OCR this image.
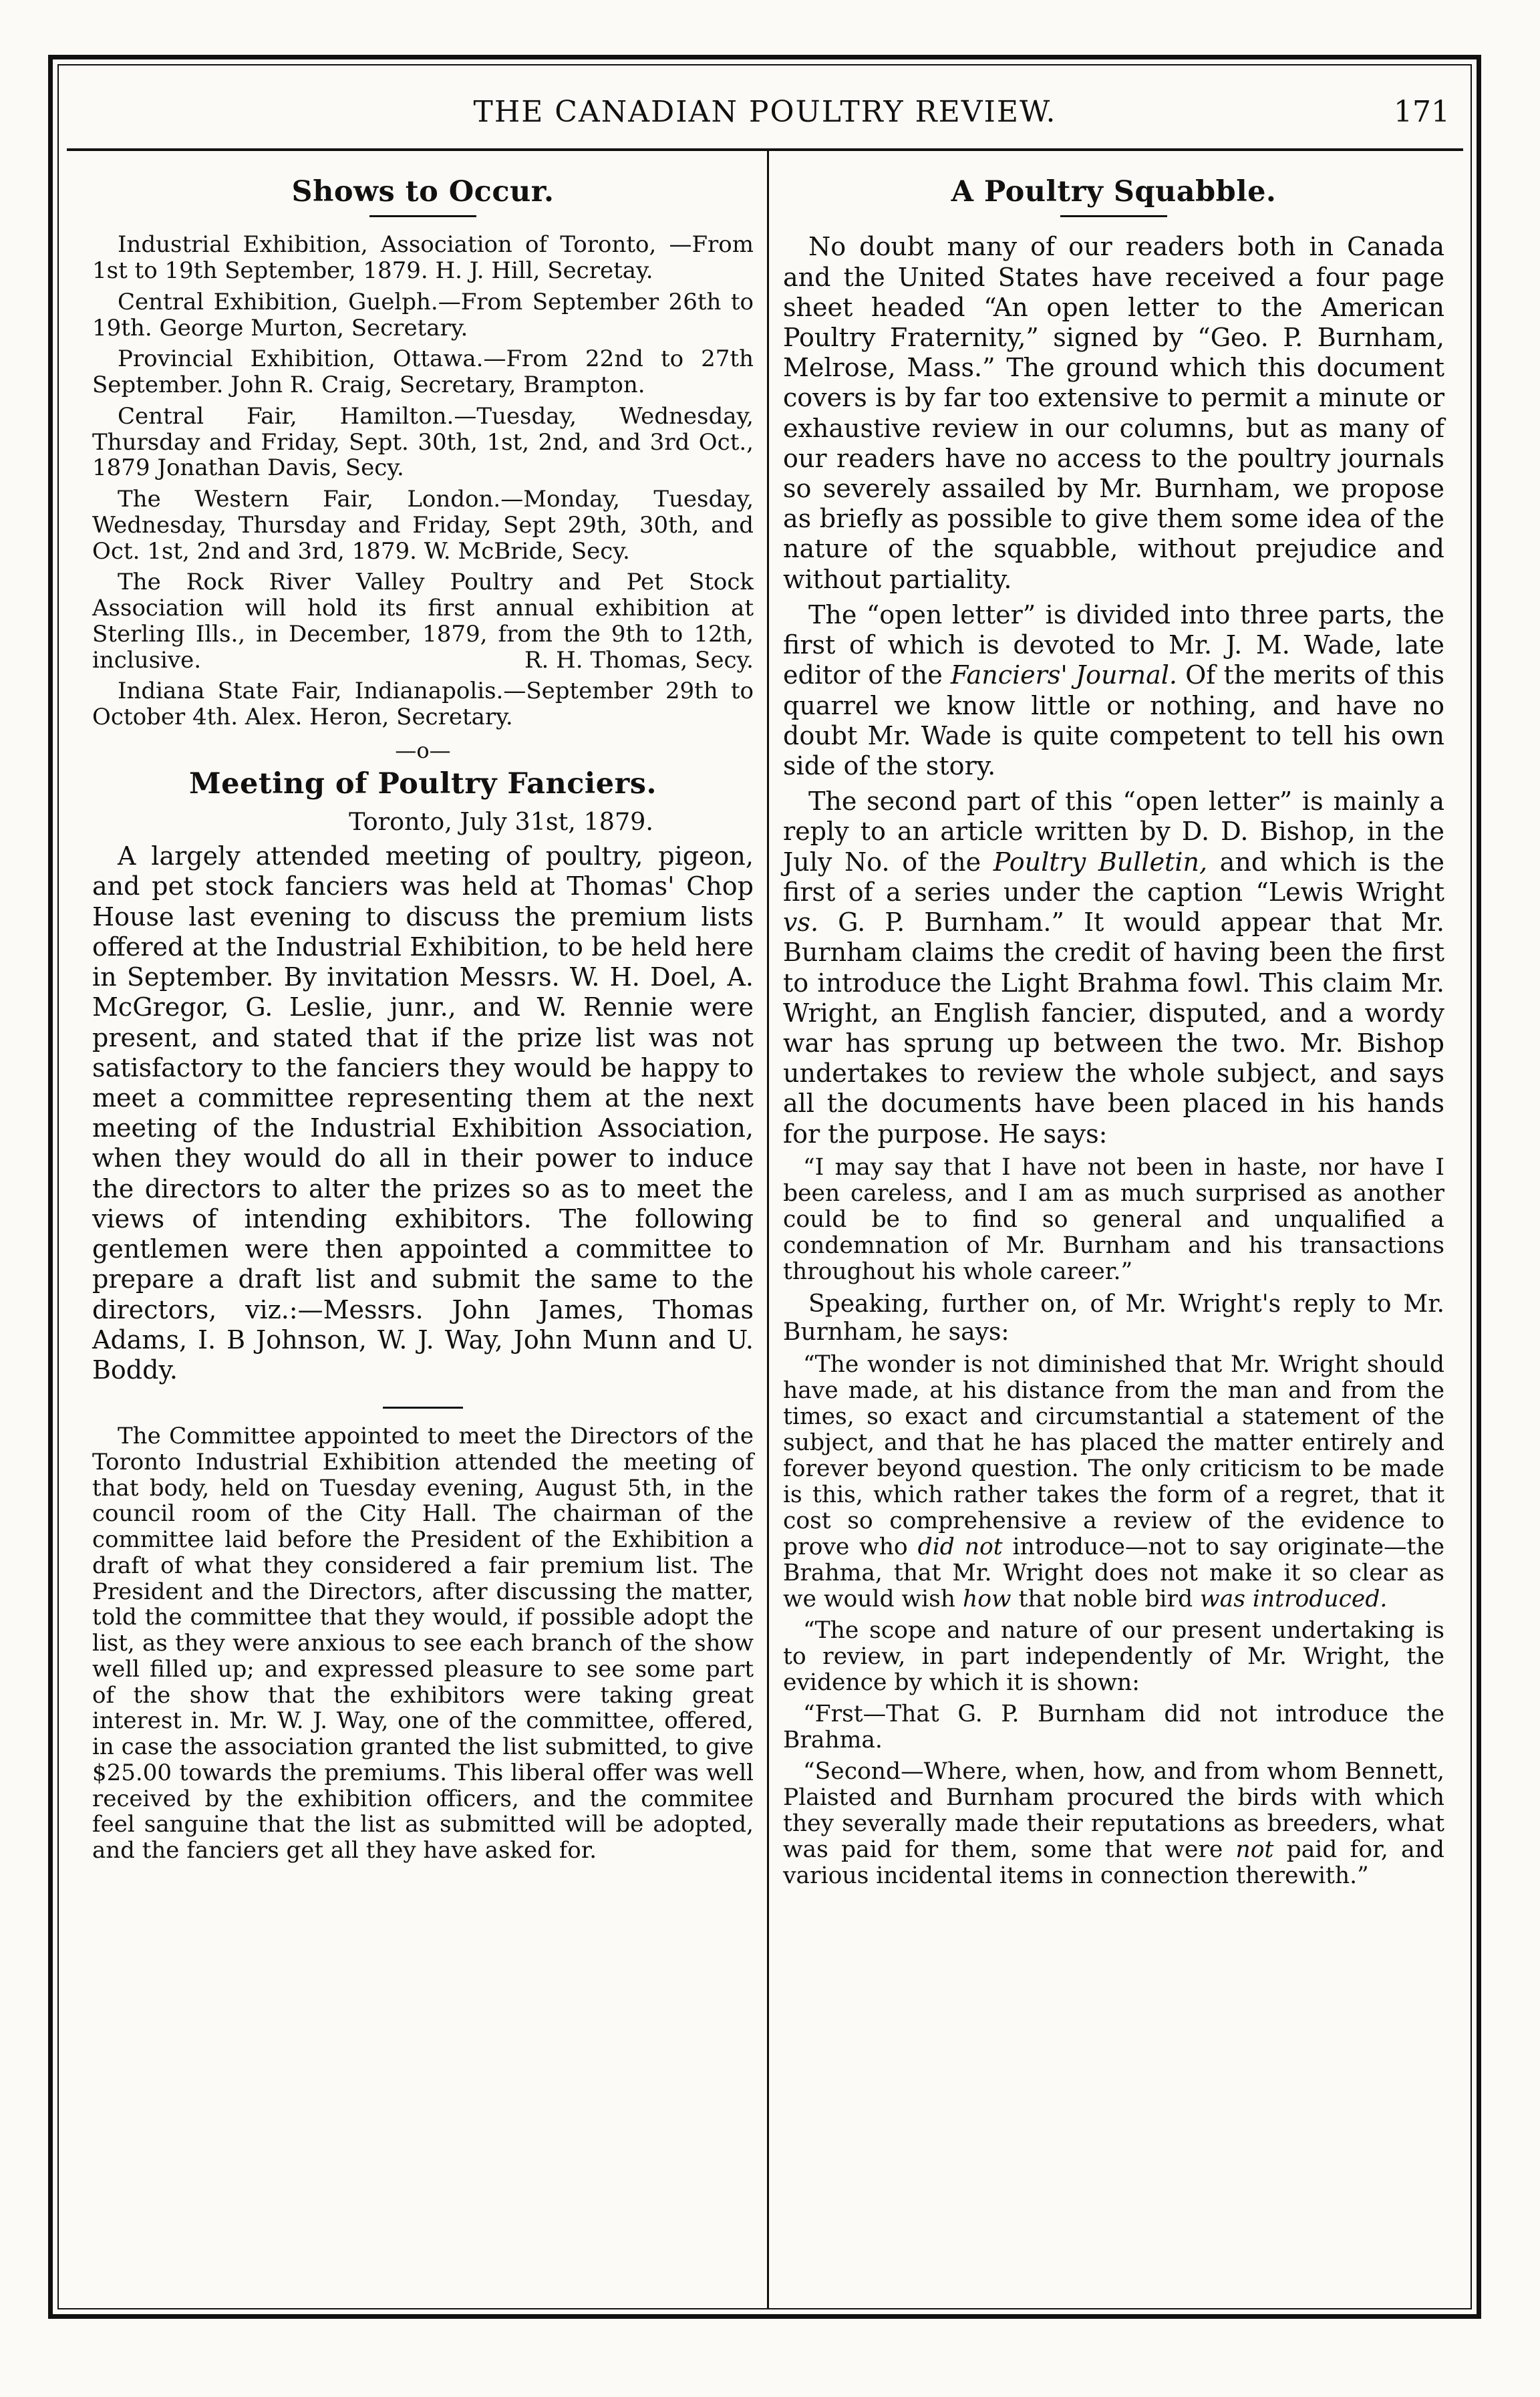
THE CANADIAN POULTRY REVIEW.	171
Shows to Occur.

Industrial Exhibition, Association of Toronto, —From 1st to 19th September, 1879. H. J. Hill, Secretay.

Central Exhibition, Guelph.—From September 26th to 19th. George Murton, Secretary.

Provincial Exhibition, Ottawa.—From 22nd to 27th September. John R. Craig, Secretary, Brampton.

Central Fair, Hamilton.—Tuesday, Wednesday, Thursday and Friday, Sept. 30th, 1st, 2nd, and 3rd Oct., 1879 Jonathan Davis, Secy.

The Western Fair, London.—Monday, Tuesday, Wednesday, Thursday and Friday, Sept 29th, 30th, and Oct. 1st, 2nd and 3rd, 1879. W. McBride, Secy.

The Rock River Valley Poultry and Pet Stock Association will hold its first annual exhibition at Sterling Ills., in December, 1879, from the 9th to 12th, inclusive.	R. H. Thomas, Secy.

Indiana State Fair, Indianapolis.—September 29th to October 4th. Alex. Heron, Secretary.

—o—
Meeting of Poultry Fanciers.
Toronto, July 31st, 1879.

A largely attended meeting of poultry, pigeon, and pet stock fanciers was held at Thomas' Chop House last evening to discuss the premium lists offered at the Industrial Exhibition, to be held here in September. By invitation Messrs. W. H. Doel, A. McGregor, G. Leslie, junr., and W. Rennie were present, and stated that if the prize list was not satisfactory to the fanciers they would be happy to meet a committee representing them at the next meeting of the Industrial Exhibition Association, when they would do all in their power to induce the directors to alter the prizes so as to meet the views of intending exhibitors. The following gentlemen were then appointed a committee to prepare a draft list and submit the same to the directors, viz.:—Messrs. John James, Thomas Adams, I. B Johnson, W. J. Way, John Munn and U. Boddy.

The Committee appointed to meet the Directors of the Toronto Industrial Exhibition attended the meeting of that body, held on Tuesday evening, August 5th, in the council room of the City Hall. The chairman of the committee laid before the President of the Exhibition a draft of what they considered a fair premium list. The President and the Directors, after discussing the matter, told the committee that they would, if possible adopt the list, as they were anxious to see each branch of the show well filled up; and expressed pleasure to see some part of the show that the exhibitors were taking great interest in. Mr. W. J. Way, one of the committee, offered, in case the association granted the list submitted, to give $25.00 towards the premiums. This liberal offer was well received by the exhibition officers, and the commitee feel sanguine that the list as submitted will be adopted, and the fanciers get all they have asked for.

A Poultry Squabble.

No doubt many of our readers both in Canada and the United States have received a four page sheet headed “An open letter to the American Poultry Fraternity,” signed by “Geo. P. Burnham, Melrose, Mass.” The ground which this document covers is by far too extensive to permit a minute or exhaustive review in our columns, but as many of our readers have no access to the poultry journals so severely assailed by Mr. Burnham, we propose as briefly as possible to give them some idea of the nature of the squabble, without prejudice and without partiality.

The “open letter” is divided into three parts, the first of which is devoted to Mr. J. M. Wade, late editor of the Fanciers' Journal. Of the merits of this quarrel we know little or nothing, and have no doubt Mr. Wade is quite competent to tell his own side of the story.

The second part of this “open letter” is mainly a reply to an article written by D. D. Bishop, in the July No. of the Poultry Bulletin, and which is the first of a series under the caption “Lewis Wright vs. G. P. Burnham.” It would appear that Mr. Burnham claims the credit of having been the first to introduce the Light Brahma fowl. This claim Mr. Wright, an English fancier, disputed, and a wordy war has sprung up between the two. Mr. Bishop undertakes to review the whole subject, and says all the documents have been placed in his hands for the purpose. He says:

“I may say that I have not been in haste, nor have I been careless, and I am as much surprised as another could be to find so general and unqualified a condemnation of Mr. Burnham and his transactions throughout his whole career.”

Speaking, further on, of Mr. Wright's reply to Mr. Burnham, he says:

“The wonder is not diminished that Mr. Wright should have made, at his distance from the man and from the times, so exact and circumstantial a statement of the subject, and that he has placed the matter entirely and forever beyond question. The only criticism to be made is this, which rather takes the form of a regret, that it cost so comprehensive a review of the evidence to prove who did not introduce—not to say originate—the Brahma, that Mr. Wright does not make it so clear as we would wish how that noble bird was introduced.

“The scope and nature of our present undertaking is to review, in part independently of Mr. Wright, the evidence by which it is shown:

“Frst—That G. P. Burnham did not introduce the Brahma.

“Second—Where, when, how, and from whom Bennett, Plaisted and Burnham procured the birds with which they severally made their reputations as breeders, what was paid for them, some that were not paid for, and various incidental items in connection therewith.”
